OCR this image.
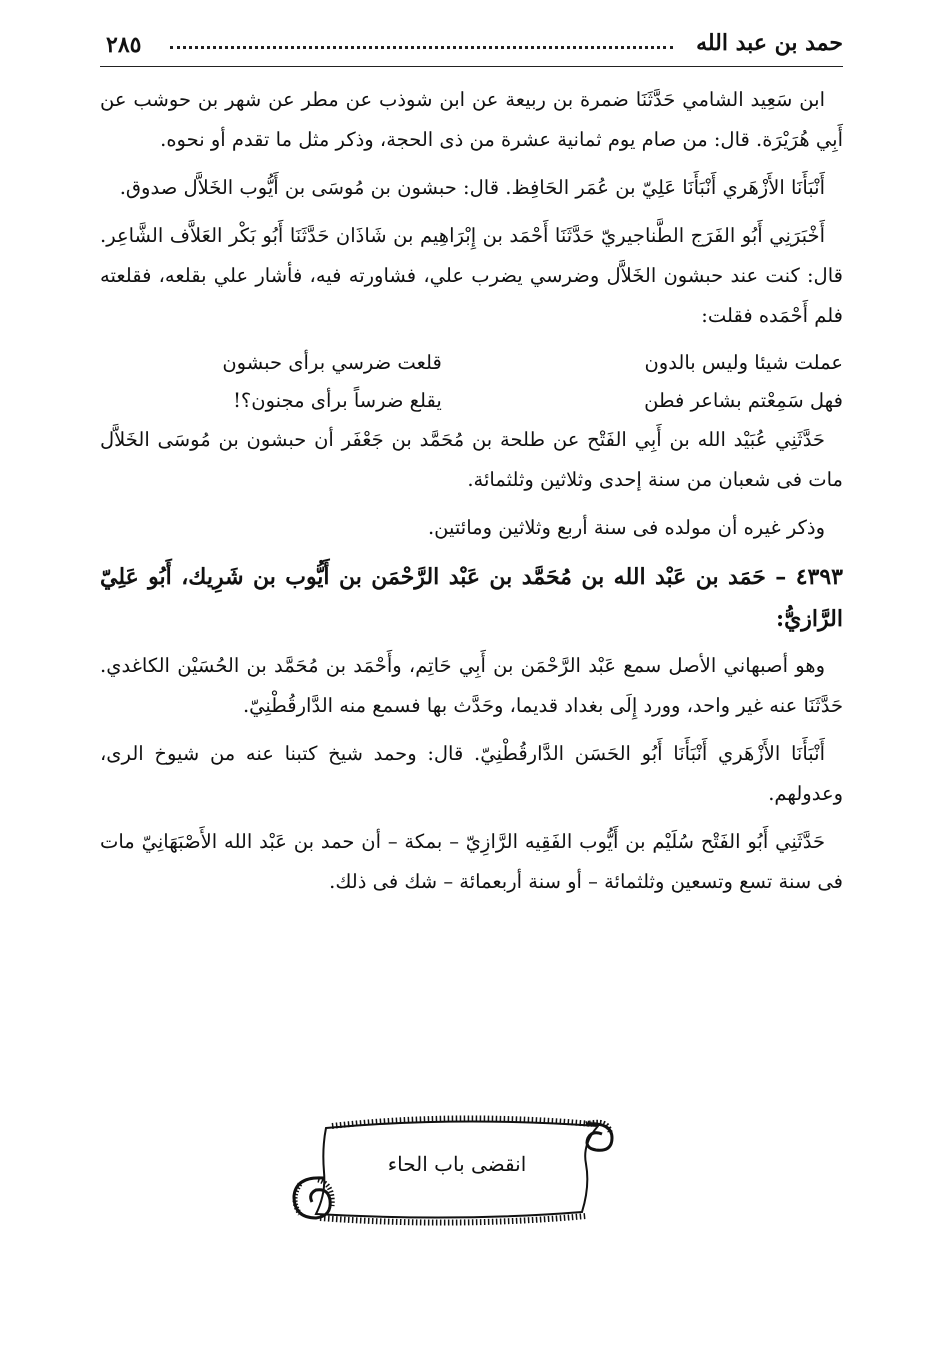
٢٨٥	حمد بن عبد الله

ابن سَعِيد الشامي حَدَّثَنَا ضمرة بن ربيعة عن ابن شوذب عن مطر عن شهر بن حوشب عن أَبِي هُرَيْرَة. قال: من صام يوم ثمانية عشرة من ذى الحجة، وذكر مثل ما تقدم أو نحوه.

أَنْبَأَنَا الأَزْهَري أَنْبَأَنَا عَلِيّ بن عُمَر الحَافِظ. قال: حبشون بن مُوسَى بن أَيُّوب الخَلاَّل صدوق.

أَخْبَرَنِي أَبُو الفَرَج الطَّناجيريّ حَدَّثَنَا أَحْمَد بن إِبْرَاهِيم بن شَاذَان حَدَّثَنَا أَبُو بَكْر العَلاَّف الشَّاعِر. قال: كنت عند حبشون الخَلاَّل وضرسي يضرب علي، فشاورته فيه، فأشار علي بقلعه، فقلعته فلم أَحْمَده فقلت:

عملت شيئا وليس بالدون
قلعت ضرسي برأى حبشون
فهل سَمِعْتم بشاعر فطن
يقلع ضرساً برأى مجنون؟!

حَدَّثَنِي عُبَيْد الله بن أَبِي الفَتْح عن طلحة بن مُحَمَّد بن جَعْفَر أن حبشون بن مُوسَى الخَلاَّل مات فى شعبان من سنة إحدى وثلاثين وثلثمائة.

وذكر غيره أن مولده فى سنة أربع وثلاثين ومائتين.

٤٣٩٣ – حَمَد بن عَبْد الله بن مُحَمَّد بن عَبْد الرَّحْمَن بن أَيُّوب بن شَرِيك، أَبُو عَلِيّ الرَّازيُّ:

وهو أصبهاني الأصل سمع عَبْد الرَّحْمَن بن أَبِي حَاتِم، وأَحْمَد بن مُحَمَّد بن الحُسَيْن الكاغدي. حَدَّثَنَا عنه غير واحد، وورد إِلَى بغداد قديما، وحَدَّث بها فسمع منه الدَّارقُطْنِيّ.

أَنْبَأَنَا الأَزْهَري أَنْبَأَنَا أَبُو الحَسَن الدَّارقُطْنِيّ. قال: وحمد شيخ كتبنا عنه من شيوخ الرى، وعدولهم.

حَدَّثَنِي أَبُو الفَتْح سُلَيْم بن أَيُّوب الفَقِيه الرَّازِيّ – بمكة – أن حمد بن عَبْد الله الأَصْبَهَانِيّ مات فى سنة تسع وتسعين وثلثمائة – أو سنة أربعمائة – شك فى ذلك.

انقضى باب الحاء
